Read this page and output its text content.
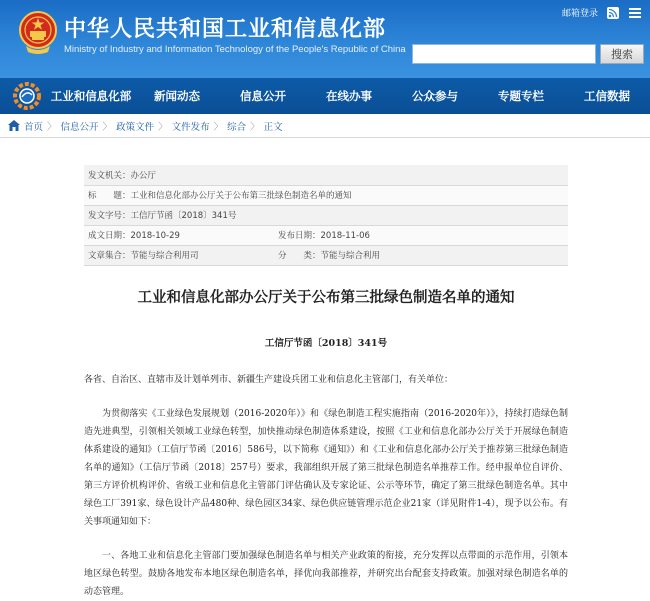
中华人民共和国工业和信息化部
Ministry of Industry and Information Technology of the People's Republic of China
邮箱登录
搜索
工业和信息化部	新闻动态	信息公开	在线办事	公众参与	专题专栏	工信数据
首页 〉 信息公开 〉 政策文件 〉 文件发布 〉 综合 〉 正文
发文机关：办公厅	
标　　题：工业和信息化部办公厅关于公布第三批绿色制造名单的通知	
发文字号：工信厅节函〔2018〕341号	
成文日期：2018-10-29	发布日期：2018-11-06
文章集合：节能与综合利用司	分　　类：节能与综合利用
工业和信息化部办公厅关于公布第三批绿色制造名单的通知
工信厅节函〔2018〕341号
各省、自治区、直辖市及计划单列市、新疆生产建设兵团工业和信息化主管部门，有关单位：
为贯彻落实《工业绿色发展规划（2016-2020年）》和《绿色制造工程实施指南（2016-2020年）》，持续打造绿色制造先进典型，引领相关领域工业绿色转型，加快推动绿色制造体系建设，按照《工业和信息化部办公厅关于开展绿色制造体系建设的通知》（工信厅节函〔2016〕586号，以下简称《通知》）和《工业和信息化部办公厅关于推荐第三批绿色制造名单的通知》（工信厅节函〔2018〕257号）要求，我部组织开展了第三批绿色制造名单推荐工作。经申报单位自评价、第三方评价机构评价、省级工业和信息化主管部门评估确认及专家论证、公示等环节，确定了第三批绿色制造名单。其中绿色工厂391家、绿色设计产品480种、绿色园区34家、绿色供应链管理示范企业21家（详见附件1-4），现予以公布。有关事项通知如下：
一、各地工业和信息化主管部门要加强绿色制造名单与相关产业政策的衔接，充分发挥以点带面的示范作用，引领本地区绿色转型。鼓励各地发布本地区绿色制造名单，择优向我部推荐，并研究出台配套支持政策。加强对绿色制造名单的动态管理。
